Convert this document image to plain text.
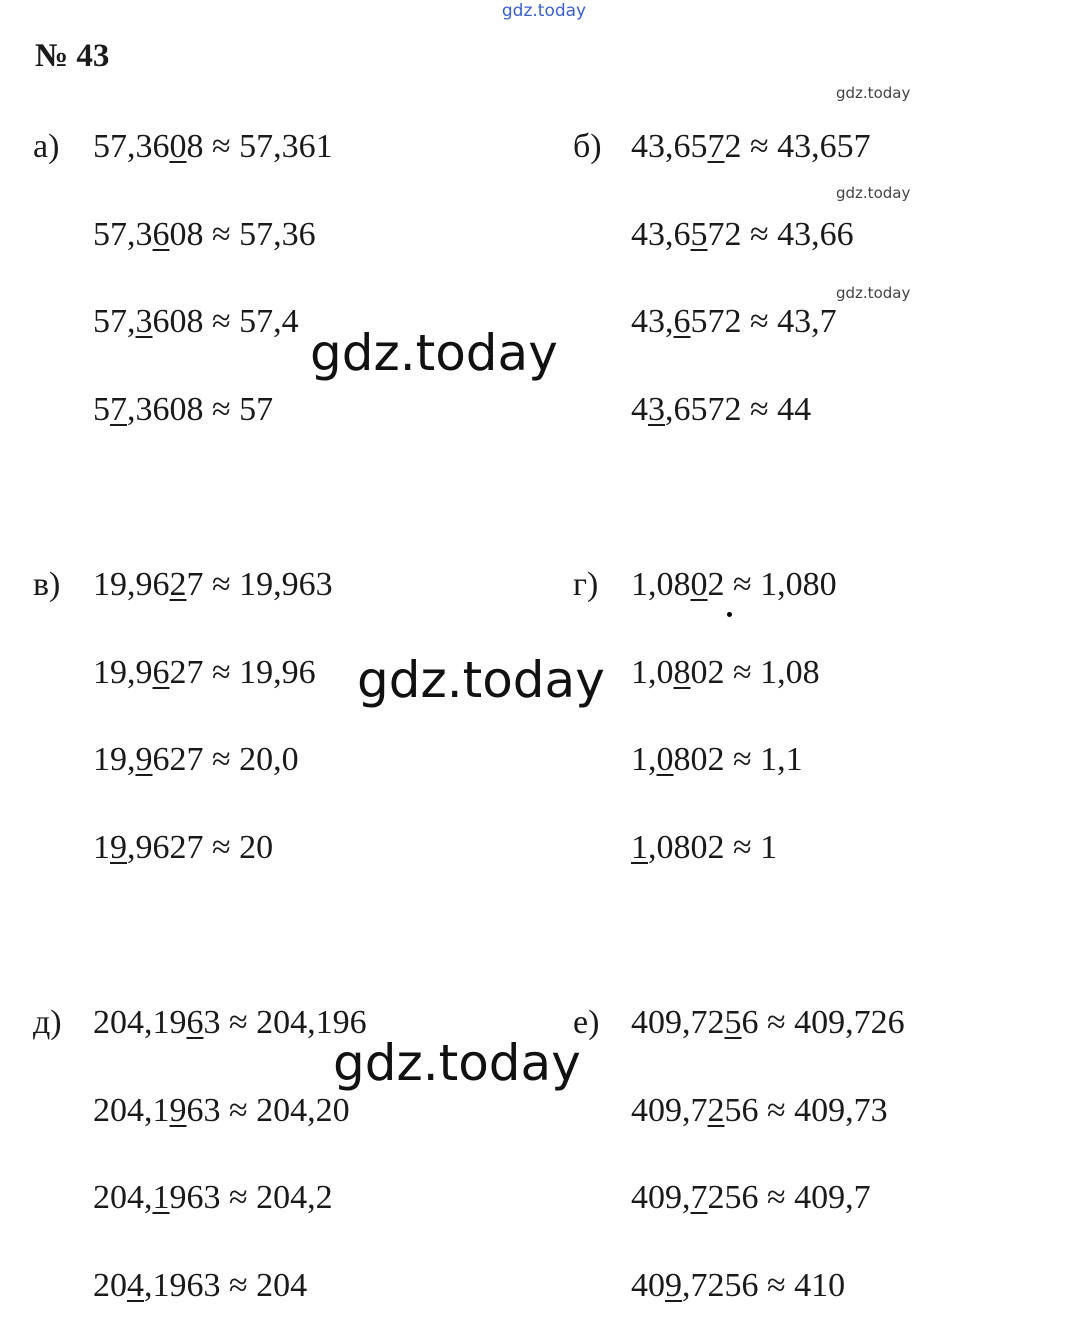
gdz.today
gdz.today
gdz.today
gdz.today
gdz.today
gdz.today
gdz.today
№ 43
а)	б)
в)	г)
д)	е)
57,3608 ≈ 57,361
57,3608 ≈ 57,36
57,3608 ≈ 57,4
57,3608 ≈ 57
43,6572 ≈ 43,657
43,6572 ≈ 43,66
43,6572 ≈ 43,7
43,6572 ≈ 44
19,9627 ≈ 19,963
19,9627 ≈ 19,96
19,9627 ≈ 20,0
19,9627 ≈ 20
1,0802 ≈ 1,080
1,0802 ≈ 1,08
1,0802 ≈ 1,1
1,0802 ≈ 1
204,1963 ≈ 204,196
204,1963 ≈ 204,20
204,1963 ≈ 204,2
204,1963 ≈ 204
409,7256 ≈ 409,726
409,7256 ≈ 409,73
409,7256 ≈ 409,7
409,7256 ≈ 410
